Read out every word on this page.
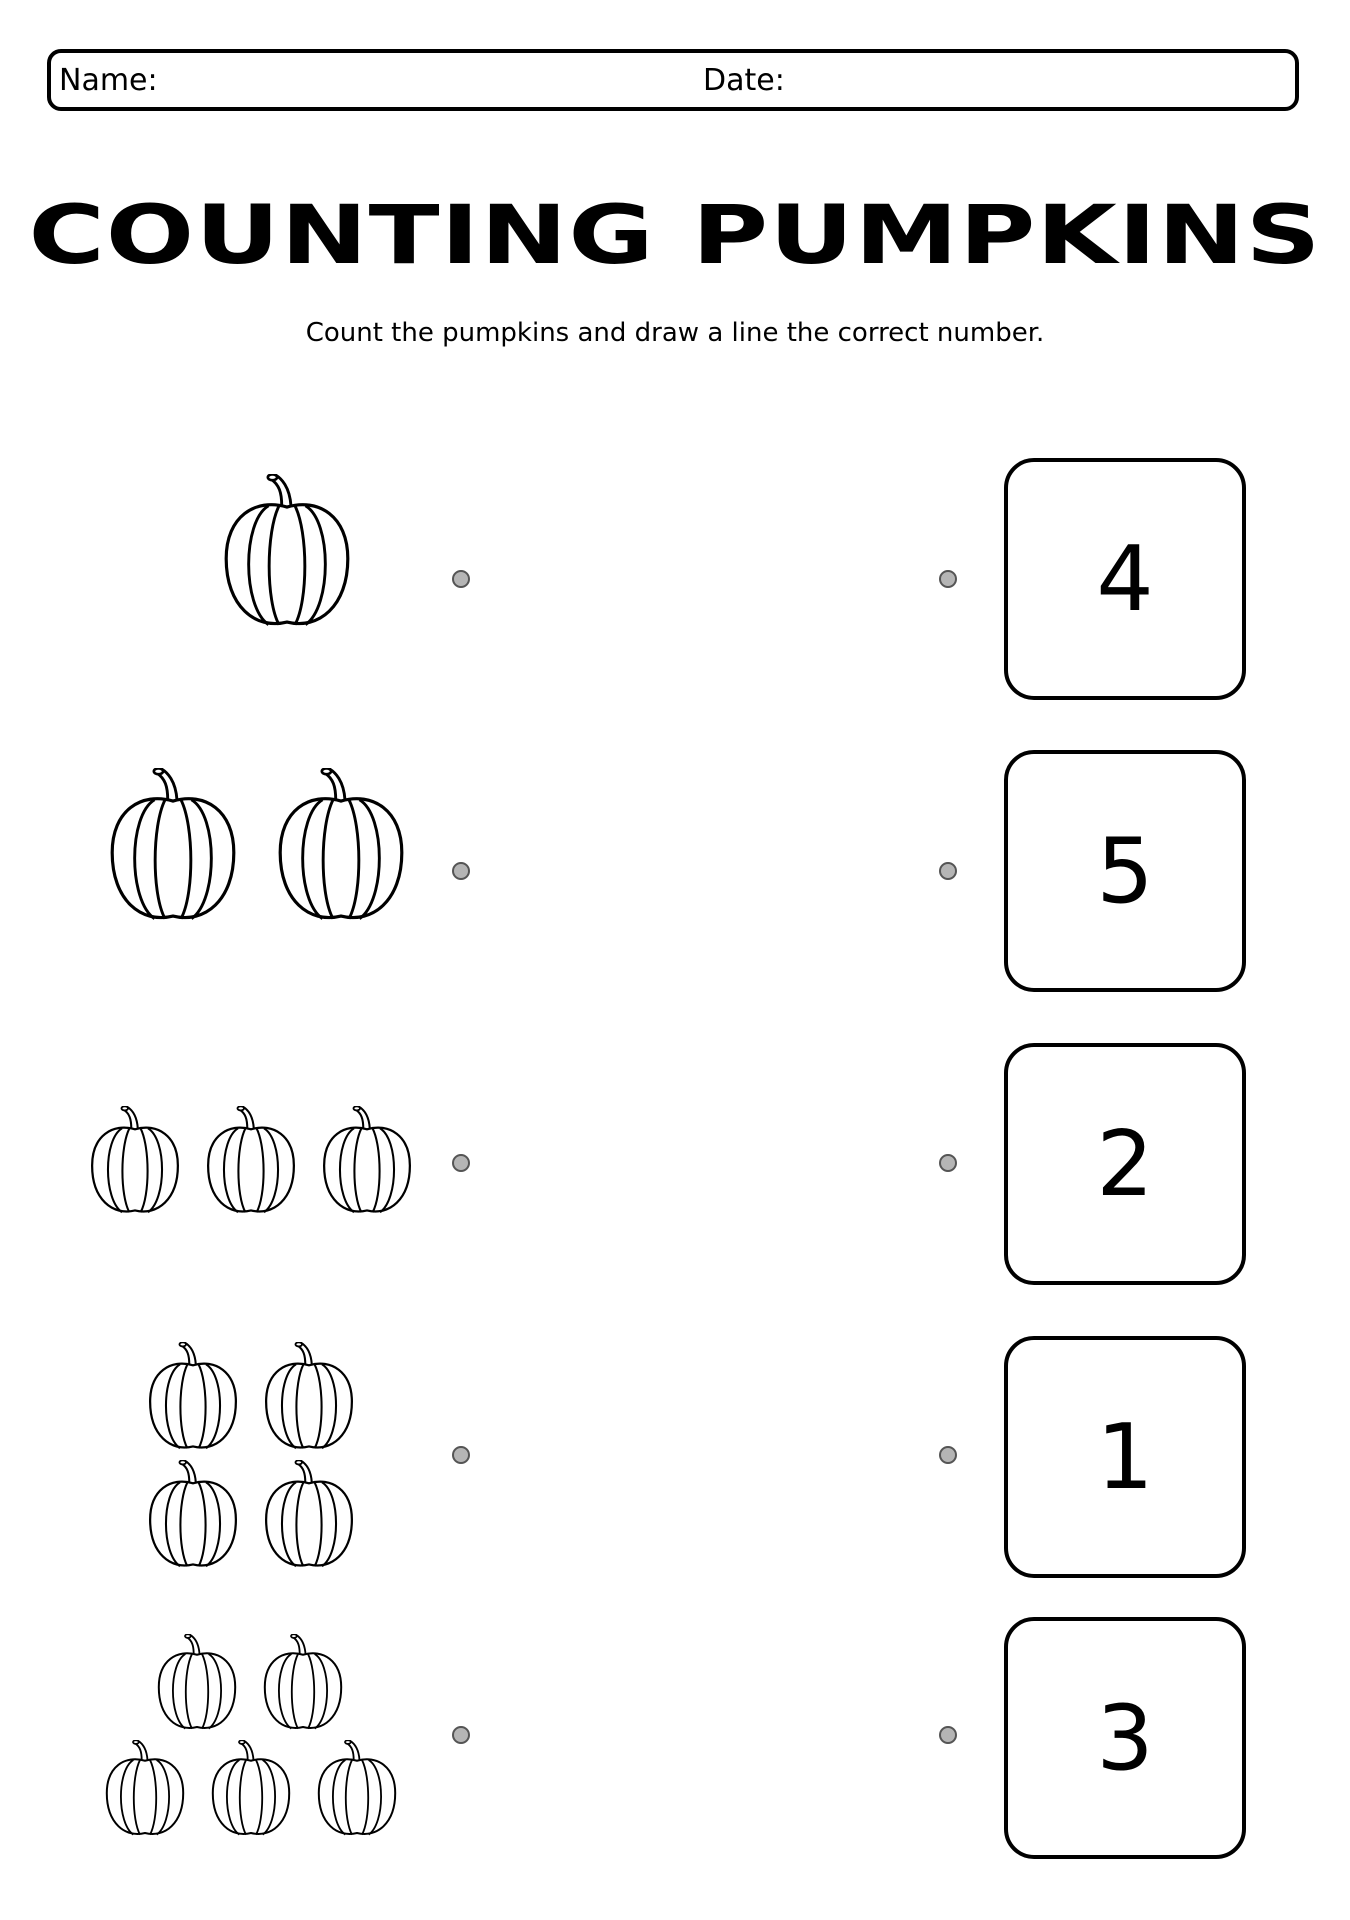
Name:	Date:
COUNTING PUMPKINS
Count the pumpkins and draw a line the correct number.
4
5
2
1
3
